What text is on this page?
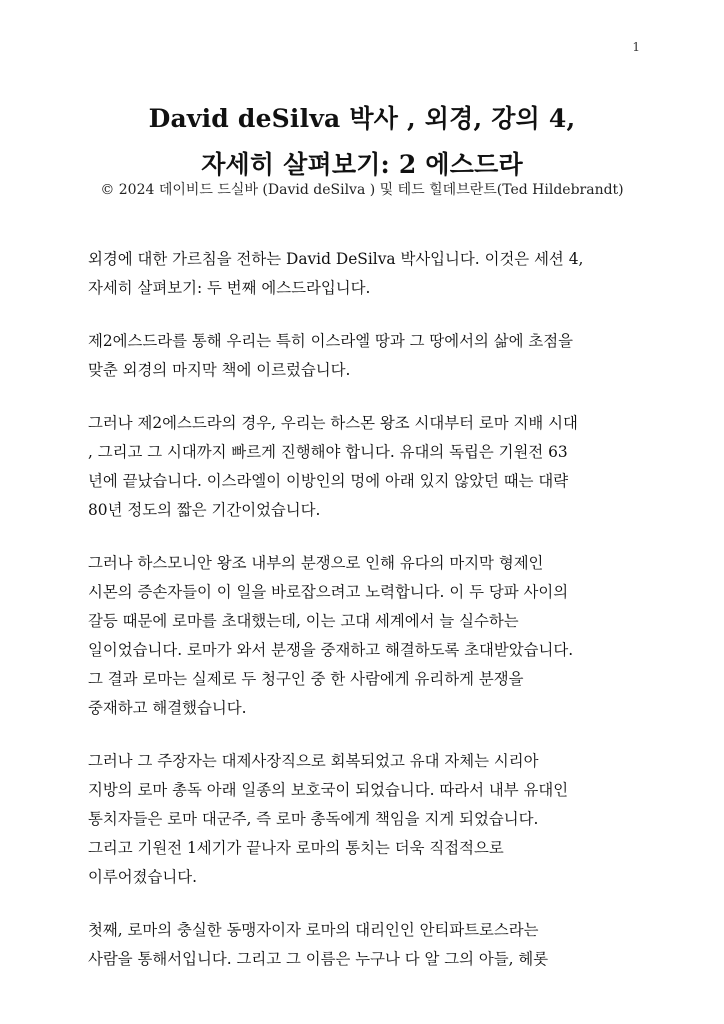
1
David deSilva 박사 , 외경, 강의 4,
자세히 살펴보기: 2 에스드라
© 2024 데이비드 드실바 (David deSilva ) 및 테드 힐데브란트(Ted Hildebrandt)

외경에 대한 가르침을 전하는 David DeSilva 박사입니다. 이것은 세션 4,
자세히 살펴보기: 두 번째 에스드라입니다.

제2에스드라를 통해 우리는 특히 이스라엘 땅과 그 땅에서의 삶에 초점을
맞춘 외경의 마지막 책에 이르렀습니다.

그러나 제2에스드라의 경우, 우리는 하스몬 왕조 시대부터 로마 지배 시대
, 그리고 그 시대까지 빠르게 진행해야 합니다. 유대의 독립은 기원전 63
년에 끝났습니다. 이스라엘이 이방인의 멍에 아래 있지 않았던 때는 대략
80년 정도의 짧은 기간이었습니다.

그러나 하스모니안 왕조 내부의 분쟁으로 인해 유다의 마지막 형제인
시몬의 증손자들이 이 일을 바로잡으려고 노력합니다. 이 두 당파 사이의
갈등 때문에 로마를 초대했는데, 이는 고대 세계에서 늘 실수하는
일이었습니다. 로마가 와서 분쟁을 중재하고 해결하도록 초대받았습니다.
그 결과 로마는 실제로 두 청구인 중 한 사람에게 유리하게 분쟁을
중재하고 해결했습니다.

그러나 그 주장자는 대제사장직으로 회복되었고 유대 자체는 시리아
지방의 로마 총독 아래 일종의 보호국이 되었습니다. 따라서 내부 유대인
통치자들은 로마 대군주, 즉 로마 총독에게 책임을 지게 되었습니다.
그리고 기원전 1세기가 끝나자 로마의 통치는 더욱 직접적으로
이루어졌습니다.

첫째, 로마의 충실한 동맹자이자 로마의 대리인인 안티파트로스라는
사람을 통해서입니다. 그리고 그 이름은 누구나 다 알 그의 아들, 헤롯
